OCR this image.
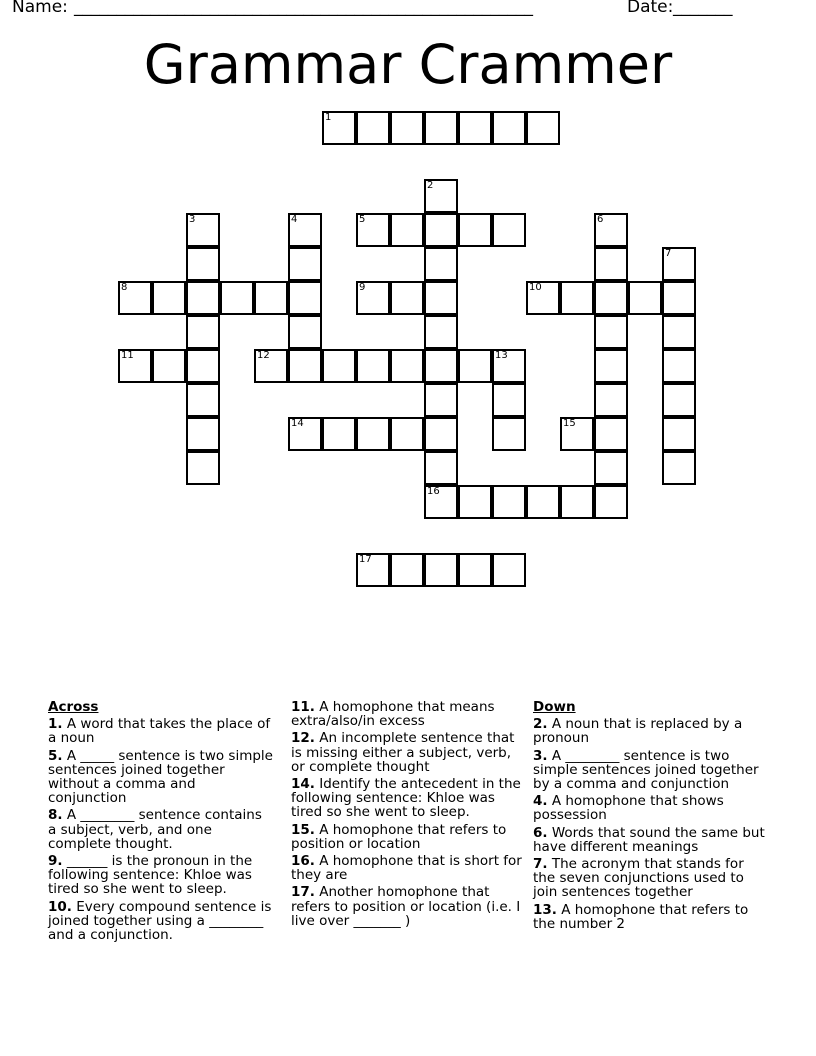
Name: ______________________________________________________	Date: _______
Grammar Crammer
1
2
3	4	5	6
7
8	9	10
11	12	13
14	15
16
17
Across
1. A word that takes the place of a noun
5. A _____ sentence is two simple sentences joined together without a comma and conjunction
8. A ________ sentence contains a subject, verb, and one complete thought.
9. ______ is the pronoun in the following sentence: Khloe was tired so she went to sleep.
10. Every compound sentence is joined together using a ________ and a conjunction.
11. A homophone that means extra/also/in excess
12. An incomplete sentence that is missing either a subject, verb, or complete thought
14. Identify the antecedent in the following sentence: Khloe was tired so she went to sleep.
15. A homophone that refers to position or location
16. A homophone that is short for they are
17. Another homophone that refers to position or location (i.e. I live over _______ )
Down
2. A noun that is replaced by a pronoun
3. A ________ sentence is two simple sentences joined together by a comma and conjunction
4. A homophone that shows possession
6. Words that sound the same but have different meanings
7. The acronym that stands for the seven conjunctions used to join sentences together
13. A homophone that refers to the number 2
